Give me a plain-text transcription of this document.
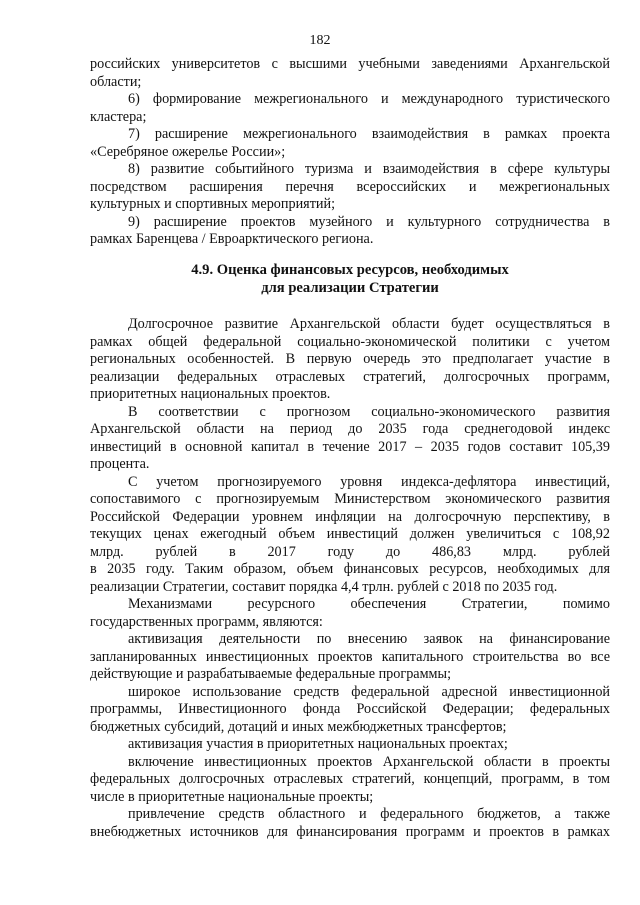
182
российских университетов с высшими учебными заведениями Архангельской
области;
6) формирование межрегионального и международного туристического
кластера;
7) расширение межрегионального взаимодействия в рамках проекта
«Серебряное ожерелье России»;
8) развитие событийного туризма и взаимодействия в сфере культуры
посредством расширения перечня всероссийских и межрегиональных
культурных и спортивных мероприятий;
9) расширение проектов музейного и культурного сотрудничества в
рамках Баренцева / Евроарктического региона.
4.9. Оценка финансовых ресурсов, необходимых
для реализации Стратегии
Долгосрочное развитие Архангельской области будет осуществляться в
рамках общей федеральной социально-экономической политики с учетом
региональных особенностей. В первую очередь это предполагает участие в
реализации федеральных отраслевых стратегий, долгосрочных программ,
приоритетных национальных проектов.
В соответствии с прогнозом социально-экономического развития
Архангельской области на период до 2035 года среднегодовой индекс
инвестиций в основной капитал в течение 2017 – 2035 годов составит 105,39
процента.
С учетом прогнозируемого уровня индекса-дефлятора инвестиций,
сопоставимого с прогнозируемым Министерством экономического развития
Российской Федерации уровнем инфляции на долгосрочную перспективу, в
текущих ценах ежегодный объем инвестиций должен увеличиться с 108,92
млрд. рублей в 2017 году до 486,83 млрд. рублей
в 2035 году. Таким образом, объем финансовых ресурсов, необходимых для
реализации Стратегии, составит порядка 4,4 трлн. рублей с 2018 по 2035 год.
Механизмами ресурсного обеспечения Стратегии, помимо
государственных программ, являются:
активизация деятельности по внесению заявок на финансирование
запланированных инвестиционных проектов капитального строительства во все
действующие и разрабатываемые федеральные программы;
широкое использование средств федеральной адресной инвестиционной
программы, Инвестиционного фонда Российской Федерации; федеральных
бюджетных субсидий, дотаций и иных межбюджетных трансфертов;
активизация участия в приоритетных национальных проектах;
включение инвестиционных проектов Архангельской области в проекты
федеральных долгосрочных отраслевых стратегий, концепций, программ, в том
числе в приоритетные национальные проекты;
привлечение средств областного и федерального бюджетов, а также
внебюджетных источников для финансирования программ и проектов в рамках
